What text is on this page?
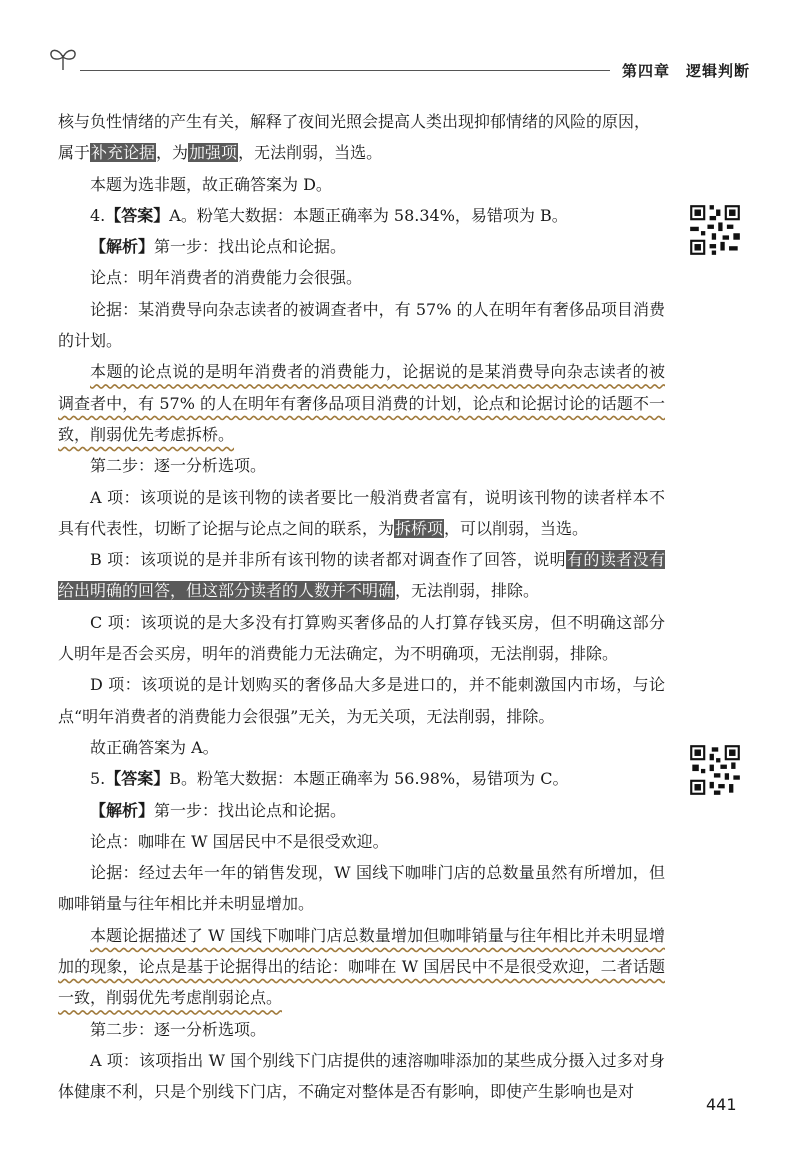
第四章　逻辑判断

核与负性情绪的产生有关，解释了夜间光照会提高人类出现抑郁情绪的风险的原因，
属于补充论据，为加强项，无法削弱，当选。

本题为选非题，故正确答案为 D。

4.【答案】A。粉笔大数据：本题正确率为 58.34%，易错项为 B。

【解析】第一步：找出论点和论据。

论点：明年消费者的消费能力会很强。

论据：某消费导向杂志读者的被调查者中，有 57% 的人在明年有奢侈品项目消费的计划。

本题的论点说的是明年消费者的消费能力，论据说的是某消费导向杂志读者的被调查者中，有 57% 的人在明年有奢侈品项目消费的计划，论点和论据讨论的话题不一致，削弱优先考虑拆桥。

第二步：逐一分析选项。

A 项：该项说的是该刊物的读者要比一般消费者富有，说明该刊物的读者样本不具有代表性，切断了论据与论点之间的联系，为拆桥项，可以削弱，当选。

B 项：该项说的是并非所有该刊物的读者都对调查作了回答，说明有的读者没有给出明确的回答，但这部分读者的人数并不明确，无法削弱，排除。

C 项：该项说的是大多没有打算购买奢侈品的人打算存钱买房，但不明确这部分人明年是否会买房，明年的消费能力无法确定，为不明确项，无法削弱，排除。

D 项：该项说的是计划购买的奢侈品大多是进口的，并不能刺激国内市场，与论点“明年消费者的消费能力会很强”无关，为无关项，无法削弱，排除。

故正确答案为 A。

5.【答案】B。粉笔大数据：本题正确率为 56.98%，易错项为 C。

【解析】第一步：找出论点和论据。

论点：咖啡在 W 国居民中不是很受欢迎。

论据：经过去年一年的销售发现，W 国线下咖啡门店的总数量虽然有所增加，但咖啡销量与往年相比并未明显增加。

本题论据描述了 W 国线下咖啡门店总数量增加但咖啡销量与往年相比并未明显增加的现象，论点是基于论据得出的结论：咖啡在 W 国居民中不是很受欢迎，二者话题一致，削弱优先考虑削弱论点。

第二步：逐一分析选项。

A 项：该项指出 W 国个别线下门店提供的速溶咖啡添加的某些成分摄入过多对身体健康不利，只是个别线下门店，不确定对整体是否有影响，即使产生影响也是对

441
